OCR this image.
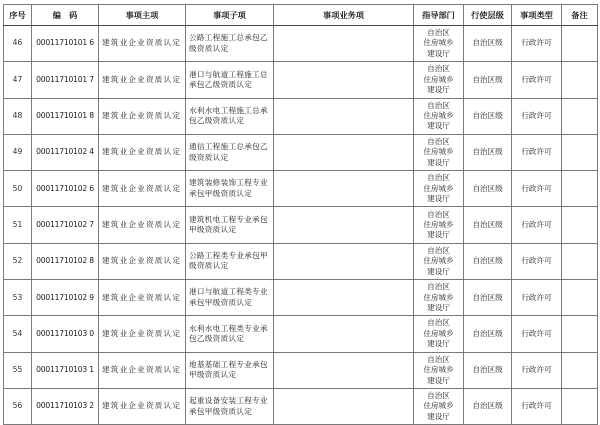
序号	编　码	事项主项	事项子项	事项业务项	指导部门	行使层级	事项类型	备注

46	00011710101 6	建筑业企业资质认定	公路工程施工总承包乙级资质认定		自治区
住房城乡
建设厅	自治区级	行政许可	

47	00011710101 7	建筑业企业资质认定	港口与航道工程施工总承包乙级资质认定		自治区
住房城乡
建设厅	自治区级	行政许可	

48	00011710101 8	建筑业企业资质认定	水利水电工程施工总承包乙级资质认定		自治区
住房城乡
建设厅	自治区级	行政许可	

49	00011710102 4	建筑业企业资质认定	通信工程施工总承包乙级资质认定		自治区
住房城乡
建设厅	自治区级	行政许可	

50	00011710102 6	建筑业企业资质认定	建筑装修装饰工程专业承包甲级资质认定		自治区
住房城乡
建设厅	自治区级	行政许可	

51	00011710102 7	建筑业企业资质认定	建筑机电工程专业承包甲级资质认定		自治区
住房城乡
建设厅	自治区级	行政许可	

52	00011710102 8	建筑业企业资质认定	公路工程类专业承包甲级资质认定		自治区
住房城乡
建设厅	自治区级	行政许可	

53	00011710102 9	建筑业企业资质认定	港口与航道工程类专业承包甲级资质认定		自治区
住房城乡
建设厅	自治区级	行政许可	

54	00011710103 0	建筑业企业资质认定	水利水电工程类专业承包乙级资质认定		自治区
住房城乡
建设厅	自治区级	行政许可	

55	00011710103 1	建筑业企业资质认定	地基基础工程专业承包甲级资质认定		自治区
住房城乡
建设厅	自治区级	行政许可	

56	00011710103 2	建筑业企业资质认定	起重设备安装工程专业承包甲级资质认定		自治区
住房城乡
建设厅	自治区级	行政许可	
